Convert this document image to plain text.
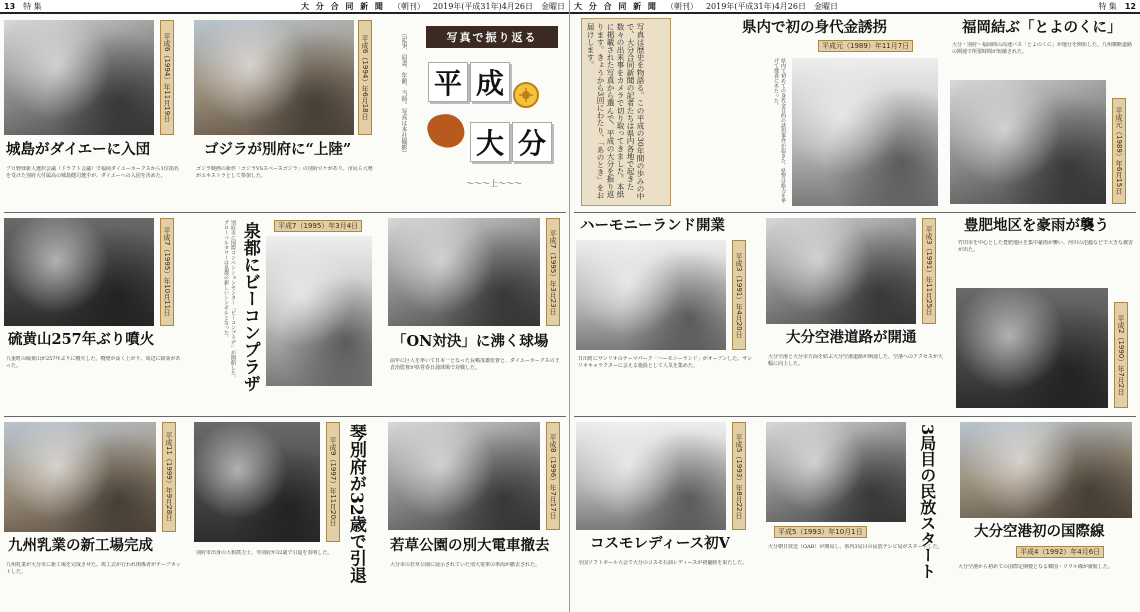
13 特 集	大 分 合 同 新 聞 （朝刊） 2019年(平成31年)4月26日 金曜日
平成6（1994）年11月19日
城島がダイエーに入団
プロ野球新人選択会議（ドラフト会議）で福岡ダイエーホークスから1位指名を受けた別府大付属高の城島健司選手が、ダイエーへの入団を決めた。
平成6（1994）年6月18日
ゴジラが別府に“上陸”
ゴジラ映画の新作「ゴジラVSスペースゴジラ」の別府ロケがあり、市民ら大勢がエキストラとして参加した。
（記事、肩書、年齢、当時。写真は本社撮影）	写真で振り返る
平 成
大 分
〜〜〜上〜〜〜
平成7（1995）年10月11日
硫黄山257年ぶり噴火
九重町の硫黄山が257年ぶりに噴火した。噴煙が高く上がり、周辺に降灰があった。	別府市に国際コンベンションセンター「ビーコンプラザ」が開館した。グローバルタワーは泉都の新しいシンボルとなった。 泉都にビーコンプラザ	平成7（1995）年3月4日
平成7（1995）年3月23日
「ON対決」に沸く球場
前年に巨人を率いて日本一となった長嶋茂雄監督と、ダイエーホークスの王貞治監督が県営春日浦球場で対戦した。
平成11（1999）年9月28日
九州乳業の新工場完成
九州乳業が大分市に新工場を完成させた。竣工式が行われ関係者がテープカットした。
平成9（1997）年11月20日 琴別府が32歳で引退
別府市出身の大相撲力士、琴別府が32歳で引退を表明した。
平成8（1996）年7月17日
若草公園の別大電車撤去
大分市の若草公園に展示されていた別大電車の車両が撤去された。
大 分 合 同 新 聞 （朝刊） 2019年(平成31年)4月26日 金曜日	特 集 12
写真は歴史を物語る。この平成の30年間の歩みの中で、大分合同新聞の記者たちは県内各地で起きた数々の出来事をカメラで切り取ってきました。本紙に掲載された写真から選んで、平成の大分を振り返ります。きょうから3回にわたり、「あのとき」をお届けします。	県内で初の身代金誘拐
平成元（1989）年11月7日
県内で初めての身代金目的の誘拐事件が起きた。県警は総力を挙げて捜査にあたった。
福岡結ぶ「とよのくに」
大分・別府〜福岡間の高速バス「とよのくに」が運行を開始した。九州横断道路の開通で所要時間が短縮された。
平成元（1989）年6月15日
ハーモニーランド開業
平成3（1991）年4月20日
日出町にサンリオのテーマパーク「ハーモニーランド」がオープンした。サンリオキャラクターに会える施設として人気を集めた。
平成3（1991）年11月25日
大分空港道路が開通
大分空港と大分市方面を結ぶ大分空港道路が開通した。空港へのアクセスが大幅に向上した。
豊肥地区を豪雨が襲う
竹田市を中心とした豊肥地区を集中豪雨が襲い、河川の氾濫などで大きな被害が出た。
平成2（1990）年7月2日
平成5（1993）年8月22日
コスモレディース初V
全国ソフトボール大会で大分のコスモ石油レディースが初優勝を果たした。	3局目の民放スタート
平成5（1993）年10月1日
大分朝日放送（OAB）が開局し、県内3局目の民放テレビ局がスタートした。
大分空港初の国際線
平成4（1992）年4月6日
大分空港から初めての国際定期便となる韓国・ソウル線が就航した。
